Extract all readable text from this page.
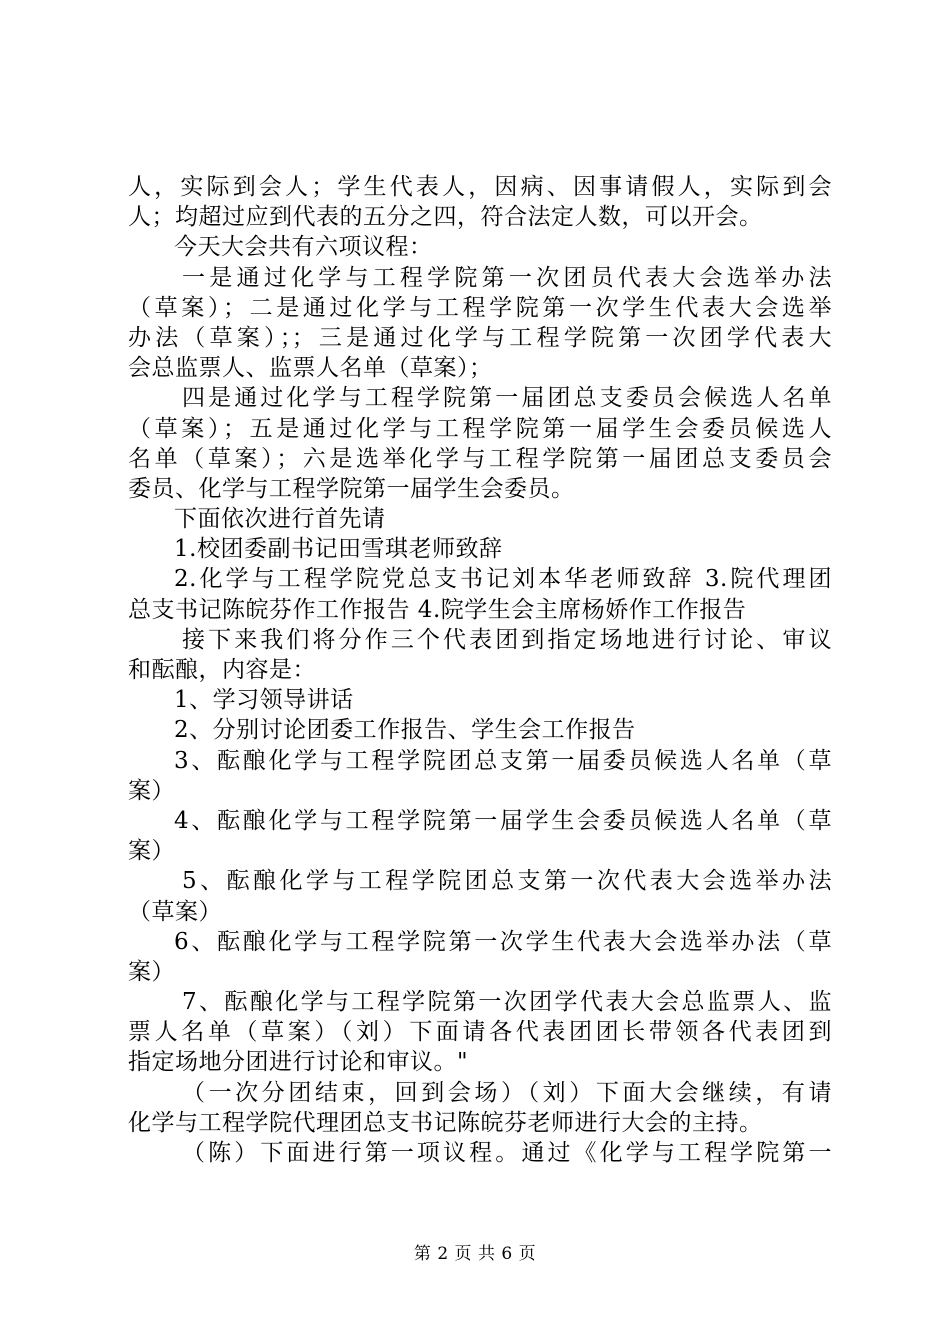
人，实际到会人；学生代表人，因病、因事请假人，实际到会
人；均超过应到代表的五分之四，符合法定人数，可以开会。
今天大会共有六项议程：
一是通过化学与工程学院第一次团员代表大会选举办法
（草案）；二是通过化学与工程学院第一次学生代表大会选举
办法（草案）；；三是通过化学与工程学院第一次团学代表大
会总监票人、监票人名单（草案）；
四是通过化学与工程学院第一届团总支委员会候选人名单
（草案）；五是通过化学与工程学院第一届学生会委员候选人
名单（草案）；六是选举化学与工程学院第一届团总支委员会
委员、化学与工程学院第一届学生会委员。
下面依次进行首先请
1.校团委副书记田雪琪老师致辞
2.化学与工程学院党总支书记刘本华老师致辞 3.院代理团
总支书记陈皖芬作工作报告 4.院学生会主席杨娇作工作报告
接下来我们将分作三个代表团到指定场地进行讨论、审议
和酝酿，内容是：
1、学习领导讲话
2、分别讨论团委工作报告、学生会工作报告
3、酝酿化学与工程学院团总支第一届委员候选人名单（草
案）
4、酝酿化学与工程学院第一届学生会委员候选人名单（草
案）
5、酝酿化学与工程学院团总支第一次代表大会选举办法
（草案）
6、酝酿化学与工程学院第一次学生代表大会选举办法（草
案）
7、酝酿化学与工程学院第一次团学代表大会总监票人、监
票人名单（草案）（刘）下面请各代表团团长带领各代表团到
指定场地分团进行讨论和审议。"
（一次分团结束，回到会场）（刘）下面大会继续，有请
化学与工程学院代理团总支书记陈皖芬老师进行大会的主持。
（陈）下面进行第一项议程。通过《化学与工程学院第一
第 2 页 共 6 页
